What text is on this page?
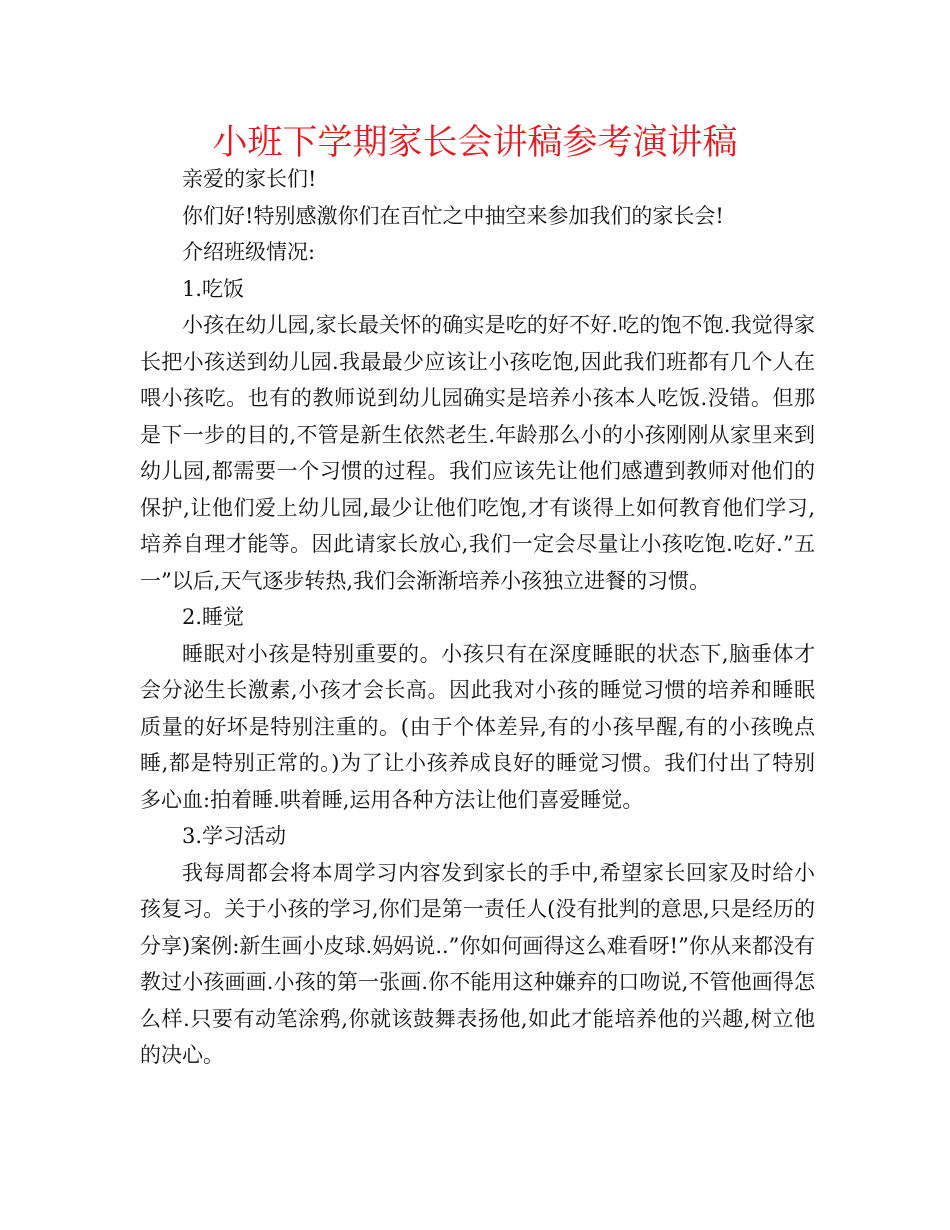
小班下学期家长会讲稿参考演讲稿

亲爱的家长们!

你们好!特别感激你们在百忙之中抽空来参加我们的家长会!

介绍班级情况:

1.吃饭

小孩在幼儿园,家长最关怀的确实是吃的好不好.吃的饱不饱.我觉得家长把小孩送到幼儿园.我最最少应该让小孩吃饱,因此我们班都有几个人在喂小孩吃。也有的教师说到幼儿园确实是培养小孩本人吃饭.没错。但那是下一步的目的,不管是新生依然老生.年龄那么小的小孩刚刚从家里来到幼儿园,都需要一个习惯的过程。我们应该先让他们感遭到教师对他们的保护,让他们爱上幼儿园,最少让他们吃饱,才有谈得上如何教育他们学习,培养自理才能等。因此请家长放心,我们一定会尽量让小孩吃饱.吃好.”五一”以后,天气逐步转热,我们会渐渐培养小孩独立进餐的习惯。

2.睡觉

睡眠对小孩是特别重要的。小孩只有在深度睡眠的状态下,脑垂体才会分泌生长激素,小孩才会长高。因此我对小孩的睡觉习惯的培养和睡眠质量的好坏是特别注重的。(由于个体差异,有的小孩早醒,有的小孩晚点睡,都是特别正常的。)为了让小孩养成良好的睡觉习惯。我们付出了特别多心血:拍着睡.哄着睡,运用各种方法让他们喜爱睡觉。

3.学习活动

我每周都会将本周学习内容发到家长的手中,希望家长回家及时给小孩复习。关于小孩的学习,你们是第一责任人(没有批判的意思,只是经历的分享)案例:新生画小皮球.妈妈说..”你如何画得这么难看呀!”你从来都没有教过小孩画画.小孩的第一张画.你不能用这种嫌弃的口吻说,不管他画得怎么样.只要有动笔涂鸦,你就该鼓舞表扬他,如此才能培养他的兴趣,树立他的决心。
